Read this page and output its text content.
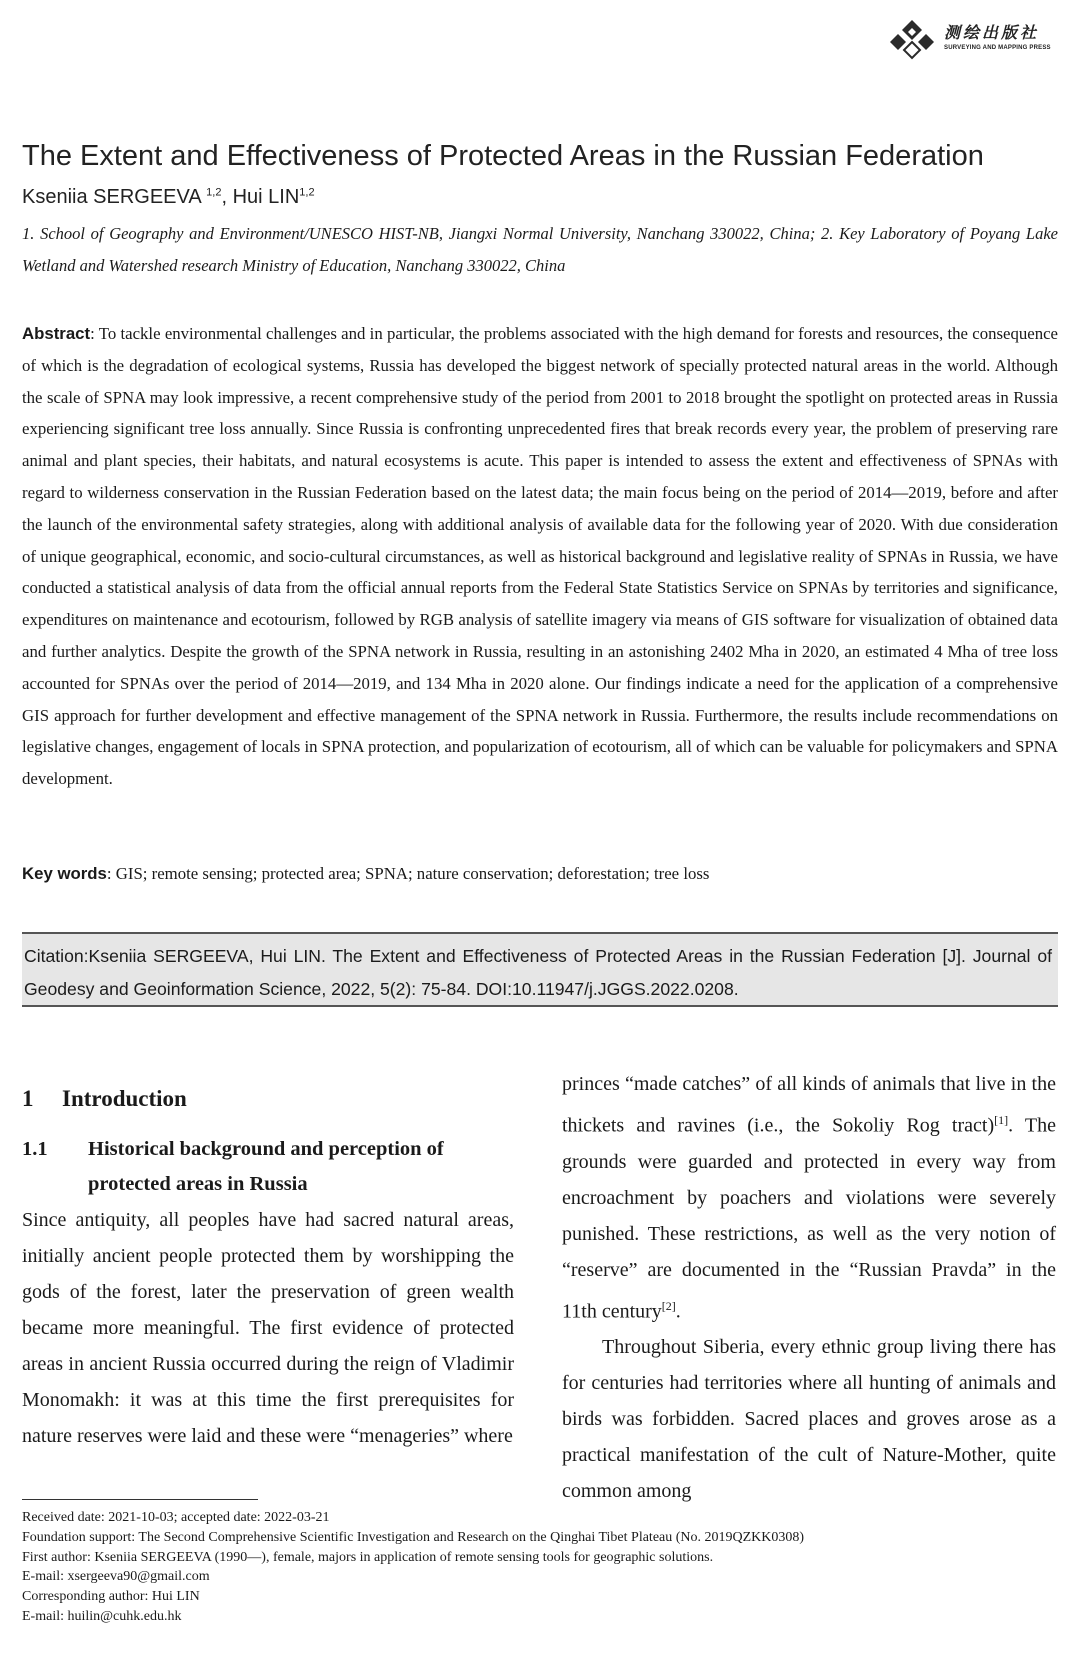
测绘出版社
SURVEYING AND MAPPING PRESS
The Extent and Effectiveness of Protected Areas in the Russian Federation
Kseniia SERGEEVA $^{1,2}$, Hui LIN$^{1,2}$
1. School of Geography and Environment/UNESCO HIST-NB, Jiangxi Normal University, Nanchang 330022, China; 2. Key Laboratory of Poyang Lake Wetland and Watershed research Ministry of Education, Nanchang 330022, China
Abstract: To tackle environmental challenges and in particular, the problems associated with the high demand for forests and resources, the consequence of which is the degradation of ecological systems, Russia has developed the biggest network of specially protected natural areas in the world. Although the scale of SPNA may look impressive, a recent comprehensive study of the period from 2001 to 2018 brought the spotlight on protected areas in Russia experiencing significant tree loss annually. Since Russia is confronting unprecedented fires that break records every year, the problem of preserving rare animal and plant species, their habitats, and natural ecosystems is acute. This paper is intended to assess the extent and effectiveness of SPNAs with regard to wilderness conservation in the Russian Federation based on the latest data; the main focus being on the period of 2014—2019, before and after the launch of the environmental safety strategies, along with additional analysis of available data for the following year of 2020. With due consideration of unique geographical, economic, and socio-cultural circumstances, as well as historical background and legislative reality of SPNAs in Russia, we have conducted a statistical analysis of data from the official annual reports from the Federal State Statistics Service on SPNAs by territories and significance, expenditures on maintenance and ecotourism, followed by RGB analysis of satellite imagery via means of GIS software for visualization of obtained data and further analytics. Despite the growth of the SPNA network in Russia, resulting in an astonishing 2402 Mha in 2020, an estimated 4 Mha of tree loss accounted for SPNAs over the period of 2014—2019, and 134 Mha in 2020 alone. Our findings indicate a need for the application of a comprehensive GIS approach for further development and effective management of the SPNA network in Russia. Furthermore, the results include recommendations on legislative changes, engagement of locals in SPNA protection, and popularization of ecotourism, all of which can be valuable for policymakers and SPNA development.
Key words: GIS; remote sensing; protected area; SPNA; nature conservation; deforestation; tree loss
Citation:Kseniia SERGEEVA, Hui LIN. The Extent and Effectiveness of Protected Areas in the Russian Federation [J]. Journal of Geodesy and Geoinformation Science, 2022, 5(2): 75-84. DOI:10.11947/j.JGGS.2022.0208.
1 Introduction
1.1 Historical background and perception of protected areas in Russia

Since antiquity, all peoples have had sacred natural areas, initially ancient people protected them by worshipping the gods of the forest, later the preservation of green wealth became more meaningful. The first evidence of protected areas in ancient Russia occurred during the reign of Vladimir Monomakh: it was at this time the first prerequisites for nature reserves were laid and these were “menageries” where

princes “made catches” of all kinds of animals that live in the thickets and ravines (i.e., the Sokoliy Rog tract)[1]. The grounds were guarded and protected in every way from encroachment by poachers and violations were severely punished. These restrictions, as well as the very notion of “reserve” are documented in the “Russian Pravda” in the 11th century[2].

Throughout Siberia, every ethnic group living there has for centuries had territories where all hunting of animals and birds was forbidden. Sacred places and groves arose as a practical manifestation of the cult of Nature-Mother, quite common among

Received date: 2021-10-03; accepted date: 2022-03-21
Foundation support: The Second Comprehensive Scientific Investigation and Research on the Qinghai Tibet Plateau (No. 2019QZKK0308)
First author: Kseniia SERGEEVA (1990—), female, majors in application of remote sensing tools for geographic solutions.
E-mail: xsergeeva90@gmail.com
Corresponding author: Hui LIN
E-mail: huilin@cuhk.edu.hk
